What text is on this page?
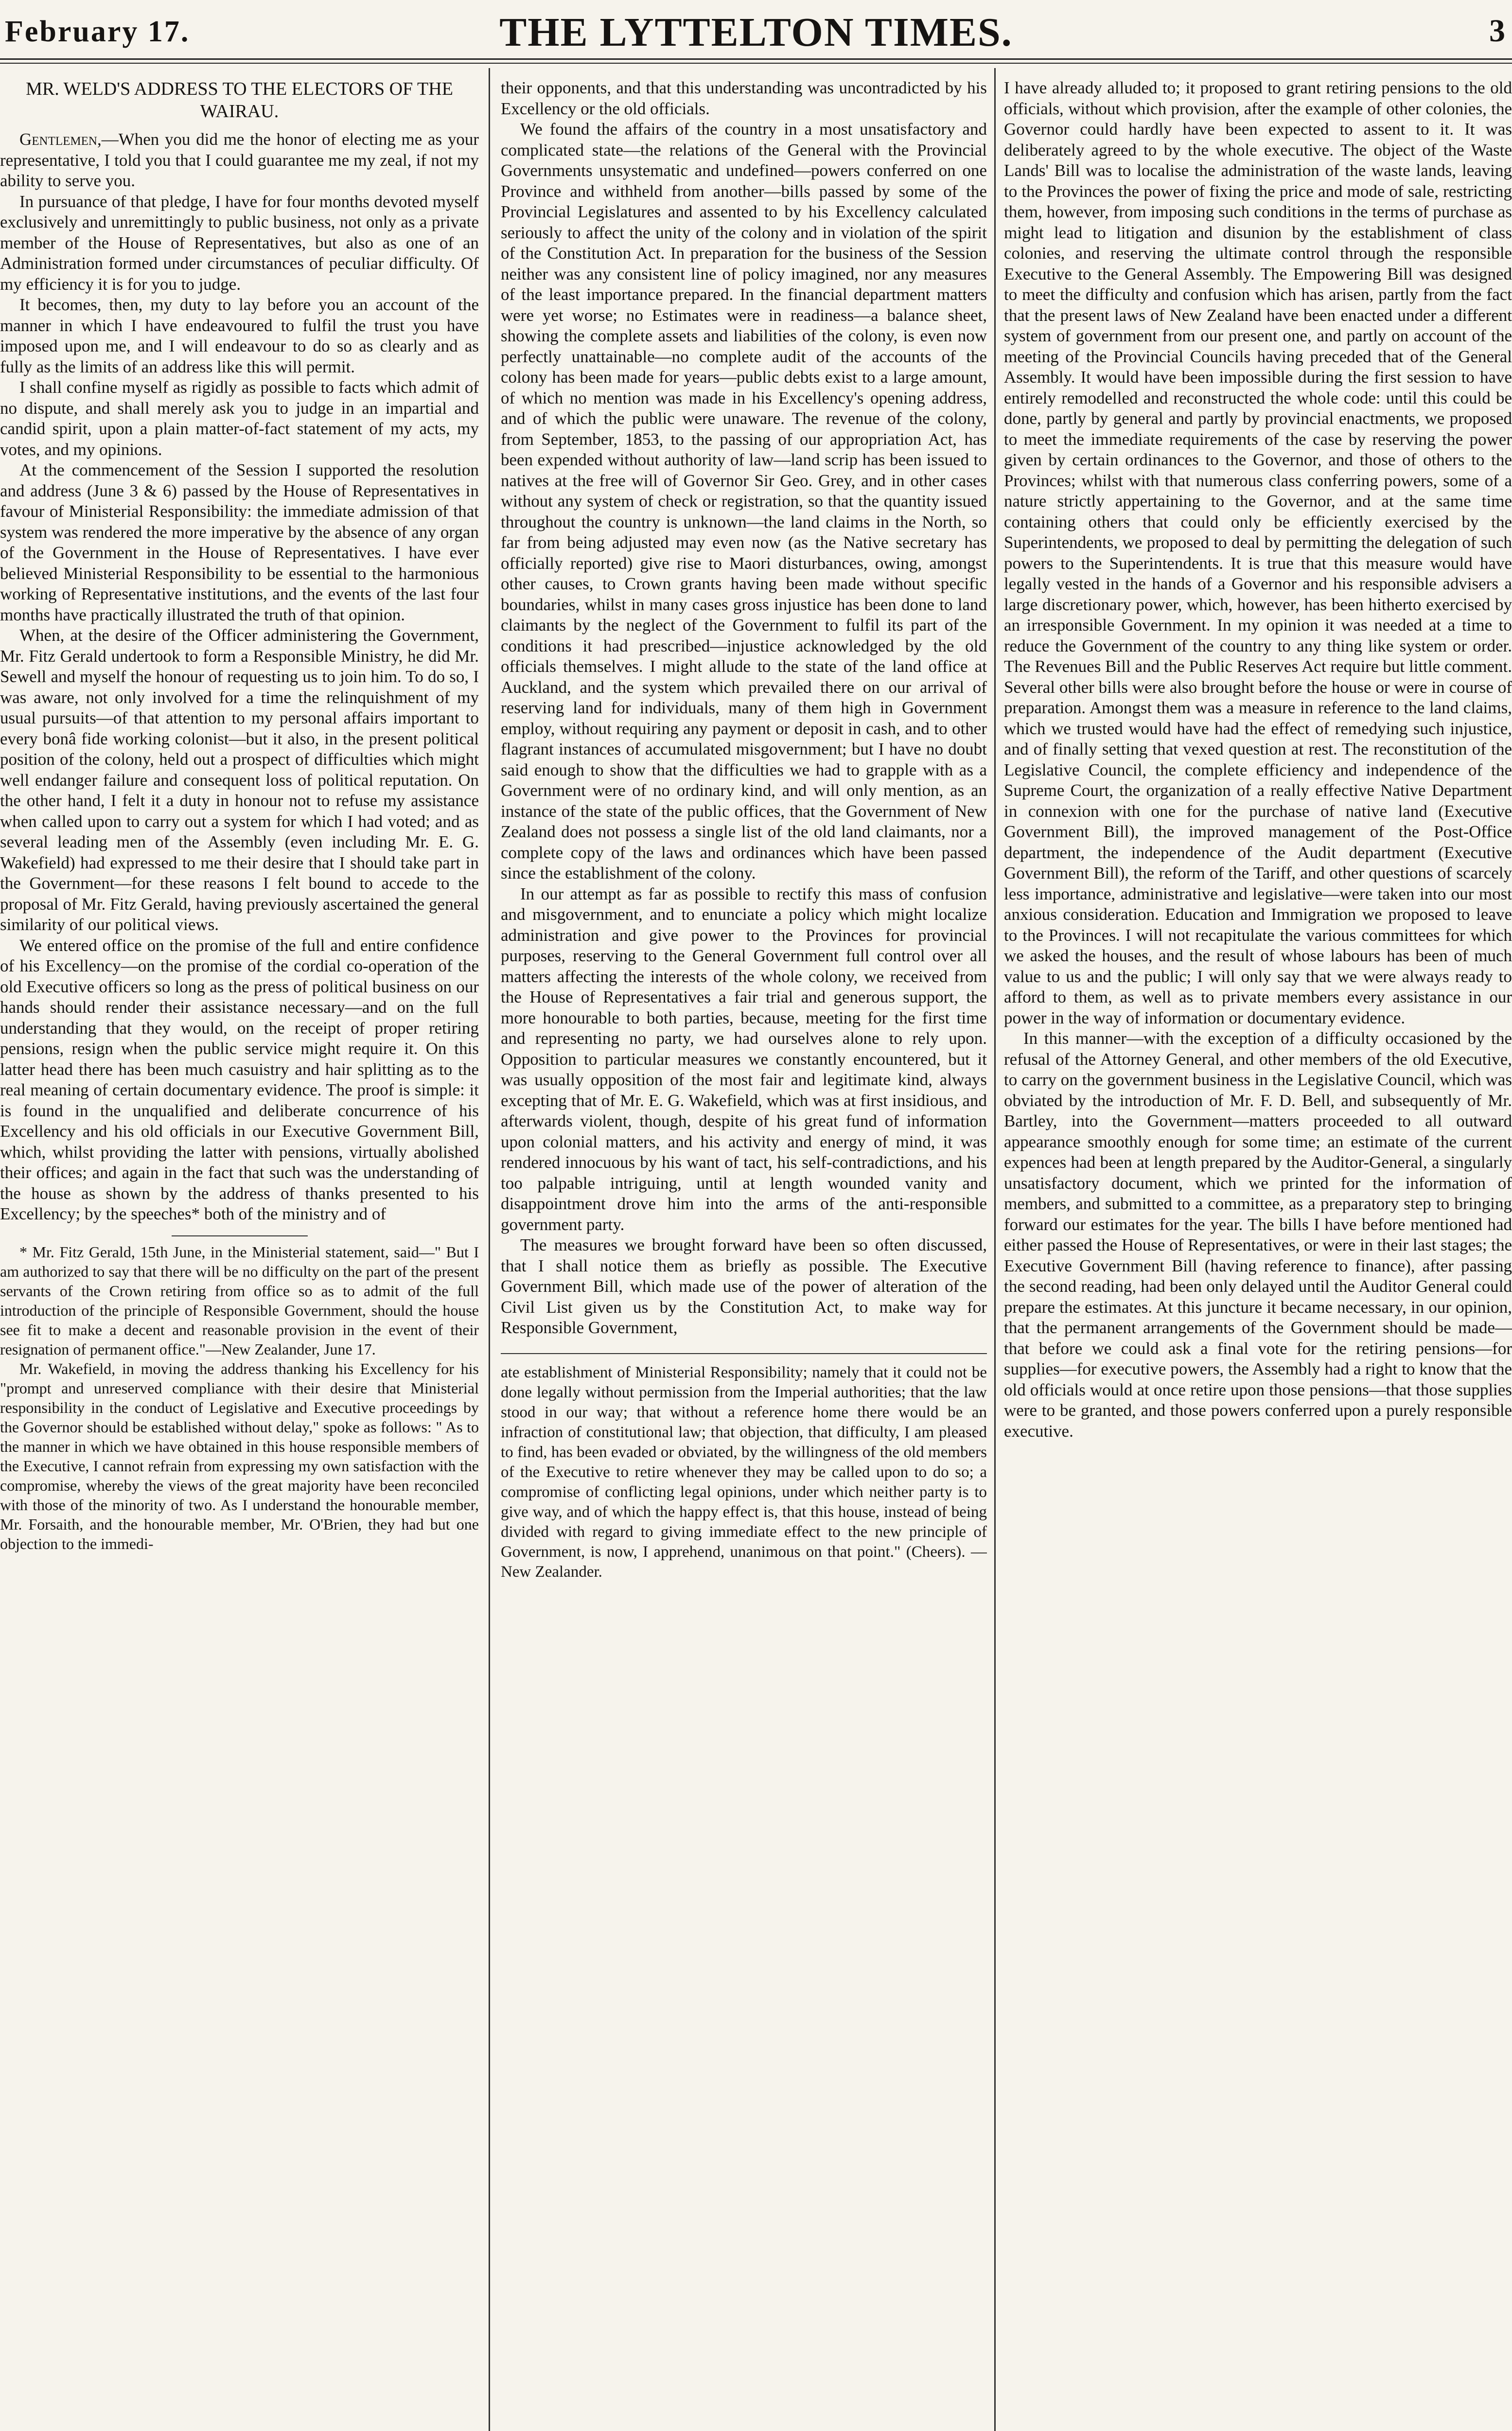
February 17.	THE LYTTELTON TIMES.	3

MR. WELD'S ADDRESS TO THE ELECTORS OF THE WAIRAU.

Gentlemen,—When you did me the honor of electing me as your representative, I told you that I could guarantee me my zeal, if not my ability to serve you.

In pursuance of that pledge, I have for four months devoted myself exclusively and unremittingly to public business, not only as a private member of the House of Representatives, but also as one of an Administration formed under circumstances of peculiar difficulty. Of my efficiency it is for you to judge.

It becomes, then, my duty to lay before you an account of the manner in which I have endeavoured to fulfil the trust you have imposed upon me, and I will endeavour to do so as clearly and as fully as the limits of an address like this will permit.

I shall confine myself as rigidly as possible to facts which admit of no dispute, and shall merely ask you to judge in an impartial and candid spirit, upon a plain matter-of-fact statement of my acts, my votes, and my opinions.

At the commencement of the Session I supported the resolution and address (June 3 & 6) passed by the House of Representatives in favour of Ministerial Responsibility: the immediate admission of that system was rendered the more imperative by the absence of any organ of the Government in the House of Representatives. I have ever believed Ministerial Responsibility to be essential to the harmonious working of Representative institutions, and the events of the last four months have practically illustrated the truth of that opinion.

When, at the desire of the Officer administering the Government, Mr. Fitz Gerald undertook to form a Responsible Ministry, he did Mr. Sewell and myself the honour of requesting us to join him. To do so, I was aware, not only involved for a time the relinquishment of my usual pursuits—of that attention to my personal affairs important to every bonâ fide working colonist—but it also, in the present political position of the colony, held out a prospect of difficulties which might well endanger failure and consequent loss of political reputation. On the other hand, I felt it a duty in honour not to refuse my assistance when called upon to carry out a system for which I had voted; and as several leading men of the Assembly (even including Mr. E. G. Wakefield) had expressed to me their desire that I should take part in the Government—for these reasons I felt bound to accede to the proposal of Mr. Fitz Gerald, having previously ascertained the general similarity of our political views.

We entered office on the promise of the full and entire confidence of his Excellency—on the promise of the cordial co-operation of the old Executive officers so long as the press of political business on our hands should render their assistance necessary—and on the full understanding that they would, on the receipt of proper retiring pensions, resign when the public service might require it. On this latter head there has been much casuistry and hair splitting as to the real meaning of certain documentary evidence. The proof is simple: it is found in the unqualified and deliberate concurrence of his Excellency and his old officials in our Executive Government Bill, which, whilst providing the latter with pensions, virtually abolished their offices; and again in the fact that such was the understanding of the house as shown by the address of thanks presented to his Excellency; by the speeches* both of the ministry and of

* Mr. Fitz Gerald, 15th June, in the Ministerial statement, said—" But I am authorized to say that there will be no difficulty on the part of the present servants of the Crown retiring from office so as to admit of the full introduction of the principle of Responsible Government, should the house see fit to make a decent and reasonable provision in the event of their resignation of permanent office."—New Zealander, June 17.

Mr. Wakefield, in moving the address thanking his Excellency for his "prompt and unreserved compliance with their desire that Ministerial responsibility in the conduct of Legislative and Executive proceedings by the Governor should be established without delay," spoke as follows: " As to the manner in which we have obtained in this house responsible members of the Executive, I cannot refrain from expressing my own satisfaction with the compromise, whereby the views of the great majority have been reconciled with those of the minority of two. As I understand the honourable member, Mr. Forsaith, and the honourable member, Mr. O'Brien, they had but one objection to the immedi-

their opponents, and that this understanding was uncontradicted by his Excellency or the old officials.

We found the affairs of the country in a most unsatisfactory and complicated state—the relations of the General with the Provincial Governments unsystematic and undefined—powers conferred on one Province and withheld from another—bills passed by some of the Provincial Legislatures and assented to by his Excellency calculated seriously to affect the unity of the colony and in violation of the spirit of the Constitution Act. In preparation for the business of the Session neither was any consistent line of policy imagined, nor any measures of the least importance prepared. In the financial department matters were yet worse; no Estimates were in readiness—a balance sheet, showing the complete assets and liabilities of the colony, is even now perfectly unattainable—no complete audit of the accounts of the colony has been made for years—public debts exist to a large amount, of which no mention was made in his Excellency's opening address, and of which the public were unaware. The revenue of the colony, from September, 1853, to the passing of our appropriation Act, has been expended without authority of law—land scrip has been issued to natives at the free will of Governor Sir Geo. Grey, and in other cases without any system of check or registration, so that the quantity issued throughout the country is unknown—the land claims in the North, so far from being adjusted may even now (as the Native secretary has officially reported) give rise to Maori disturbances, owing, amongst other causes, to Crown grants having been made without specific boundaries, whilst in many cases gross injustice has been done to land claimants by the neglect of the Government to fulfil its part of the conditions it had prescribed—injustice acknowledged by the old officials themselves. I might allude to the state of the land office at Auckland, and the system which prevailed there on our arrival of reserving land for individuals, many of them high in Government employ, without requiring any payment or deposit in cash, and to other flagrant instances of accumulated misgovernment; but I have no doubt said enough to show that the difficulties we had to grapple with as a Government were of no ordinary kind, and will only mention, as an instance of the state of the public offices, that the Government of New Zealand does not possess a single list of the old land claimants, nor a complete copy of the laws and ordinances which have been passed since the establishment of the colony.

In our attempt as far as possible to rectify this mass of confusion and misgovernment, and to enunciate a policy which might localize administration and give power to the Provinces for provincial purposes, reserving to the General Government full control over all matters affecting the interests of the whole colony, we received from the House of Representatives a fair trial and generous support, the more honourable to both parties, because, meeting for the first time and representing no party, we had ourselves alone to rely upon. Opposition to particular measures we constantly encountered, but it was usually opposition of the most fair and legitimate kind, always excepting that of Mr. E. G. Wakefield, which was at first insidious, and afterwards violent, though, despite of his great fund of information upon colonial matters, and his activity and energy of mind, it was rendered innocuous by his want of tact, his self-contradictions, and his too palpable intriguing, until at length wounded vanity and disappointment drove him into the arms of the anti-responsible government party.

The measures we brought forward have been so often discussed, that I shall notice them as briefly as possible. The Executive Government Bill, which made use of the power of alteration of the Civil List given us by the Constitution Act, to make way for Responsible Government,

ate establishment of Ministerial Responsibility; namely that it could not be done legally without permission from the Imperial authorities; that the law stood in our way; that without a reference home there would be an infraction of constitutional law; that objection, that difficulty, I am pleased to find, has been evaded or obviated, by the willingness of the old members of the Executive to retire whenever they may be called upon to do so; a compromise of conflicting legal opinions, under which neither party is to give way, and of which the happy effect is, that this house, instead of being divided with regard to giving immediate effect to the new principle of Government, is now, I apprehend, unanimous on that point." (Cheers). —New Zealander.

I have already alluded to; it proposed to grant retiring pensions to the old officials, without which provision, after the example of other colonies, the Governor could hardly have been expected to assent to it. It was deliberately agreed to by the whole executive. The object of the Waste Lands' Bill was to localise the administration of the waste lands, leaving to the Provinces the power of fixing the price and mode of sale, restricting them, however, from imposing such conditions in the terms of purchase as might lead to litigation and disunion by the establishment of class colonies, and reserving the ultimate control through the responsible Executive to the General Assembly. The Empowering Bill was designed to meet the difficulty and confusion which has arisen, partly from the fact that the present laws of New Zealand have been enacted under a different system of government from our present one, and partly on account of the meeting of the Provincial Councils having preceded that of the General Assembly. It would have been impossible during the first session to have entirely remodelled and reconstructed the whole code: until this could be done, partly by general and partly by provincial enactments, we proposed to meet the immediate requirements of the case by reserving the power given by certain ordinances to the Governor, and those of others to the Provinces; whilst with that numerous class conferring powers, some of a nature strictly appertaining to the Governor, and at the same time containing others that could only be efficiently exercised by the Superintendents, we proposed to deal by permitting the delegation of such powers to the Superintendents. It is true that this measure would have legally vested in the hands of a Governor and his responsible advisers a large discretionary power, which, however, has been hitherto exercised by an irresponsible Government. In my opinion it was needed at a time to reduce the Government of the country to any thing like system or order. The Revenues Bill and the Public Reserves Act require but little comment. Several other bills were also brought before the house or were in course of preparation. Amongst them was a measure in reference to the land claims, which we trusted would have had the effect of remedying such injustice, and of finally setting that vexed question at rest. The reconstitution of the Legislative Council, the complete efficiency and independence of the Supreme Court, the organization of a really effective Native Department in connexion with one for the purchase of native land (Executive Government Bill), the improved management of the Post-Office department, the independence of the Audit department (Executive Government Bill), the reform of the Tariff, and other questions of scarcely less importance, administrative and legislative—were taken into our most anxious consideration. Education and Immigration we proposed to leave to the Provinces. I will not recapitulate the various committees for which we asked the houses, and the result of whose labours has been of much value to us and the public; I will only say that we were always ready to afford to them, as well as to private members every assistance in our power in the way of information or documentary evidence.

In this manner—with the exception of a difficulty occasioned by the refusal of the Attorney General, and other members of the old Executive, to carry on the government business in the Legislative Council, which was obviated by the introduction of Mr. F. D. Bell, and subsequently of Mr. Bartley, into the Government—matters proceeded to all outward appearance smoothly enough for some time; an estimate of the current expences had been at length prepared by the Auditor-General, a singularly unsatisfactory document, which we printed for the information of members, and submitted to a committee, as a preparatory step to bringing forward our estimates for the year. The bills I have before mentioned had either passed the House of Representatives, or were in their last stages; the Executive Government Bill (having reference to finance), after passing the second reading, had been only delayed until the Auditor General could prepare the estimates. At this juncture it became necessary, in our opinion, that the permanent arrangements of the Government should be made—that before we could ask a final vote for the retiring pensions—for supplies—for executive powers, the Assembly had a right to know that the old officials would at once retire upon those pensions—that those supplies were to be granted, and those powers conferred upon a purely responsible executive.
